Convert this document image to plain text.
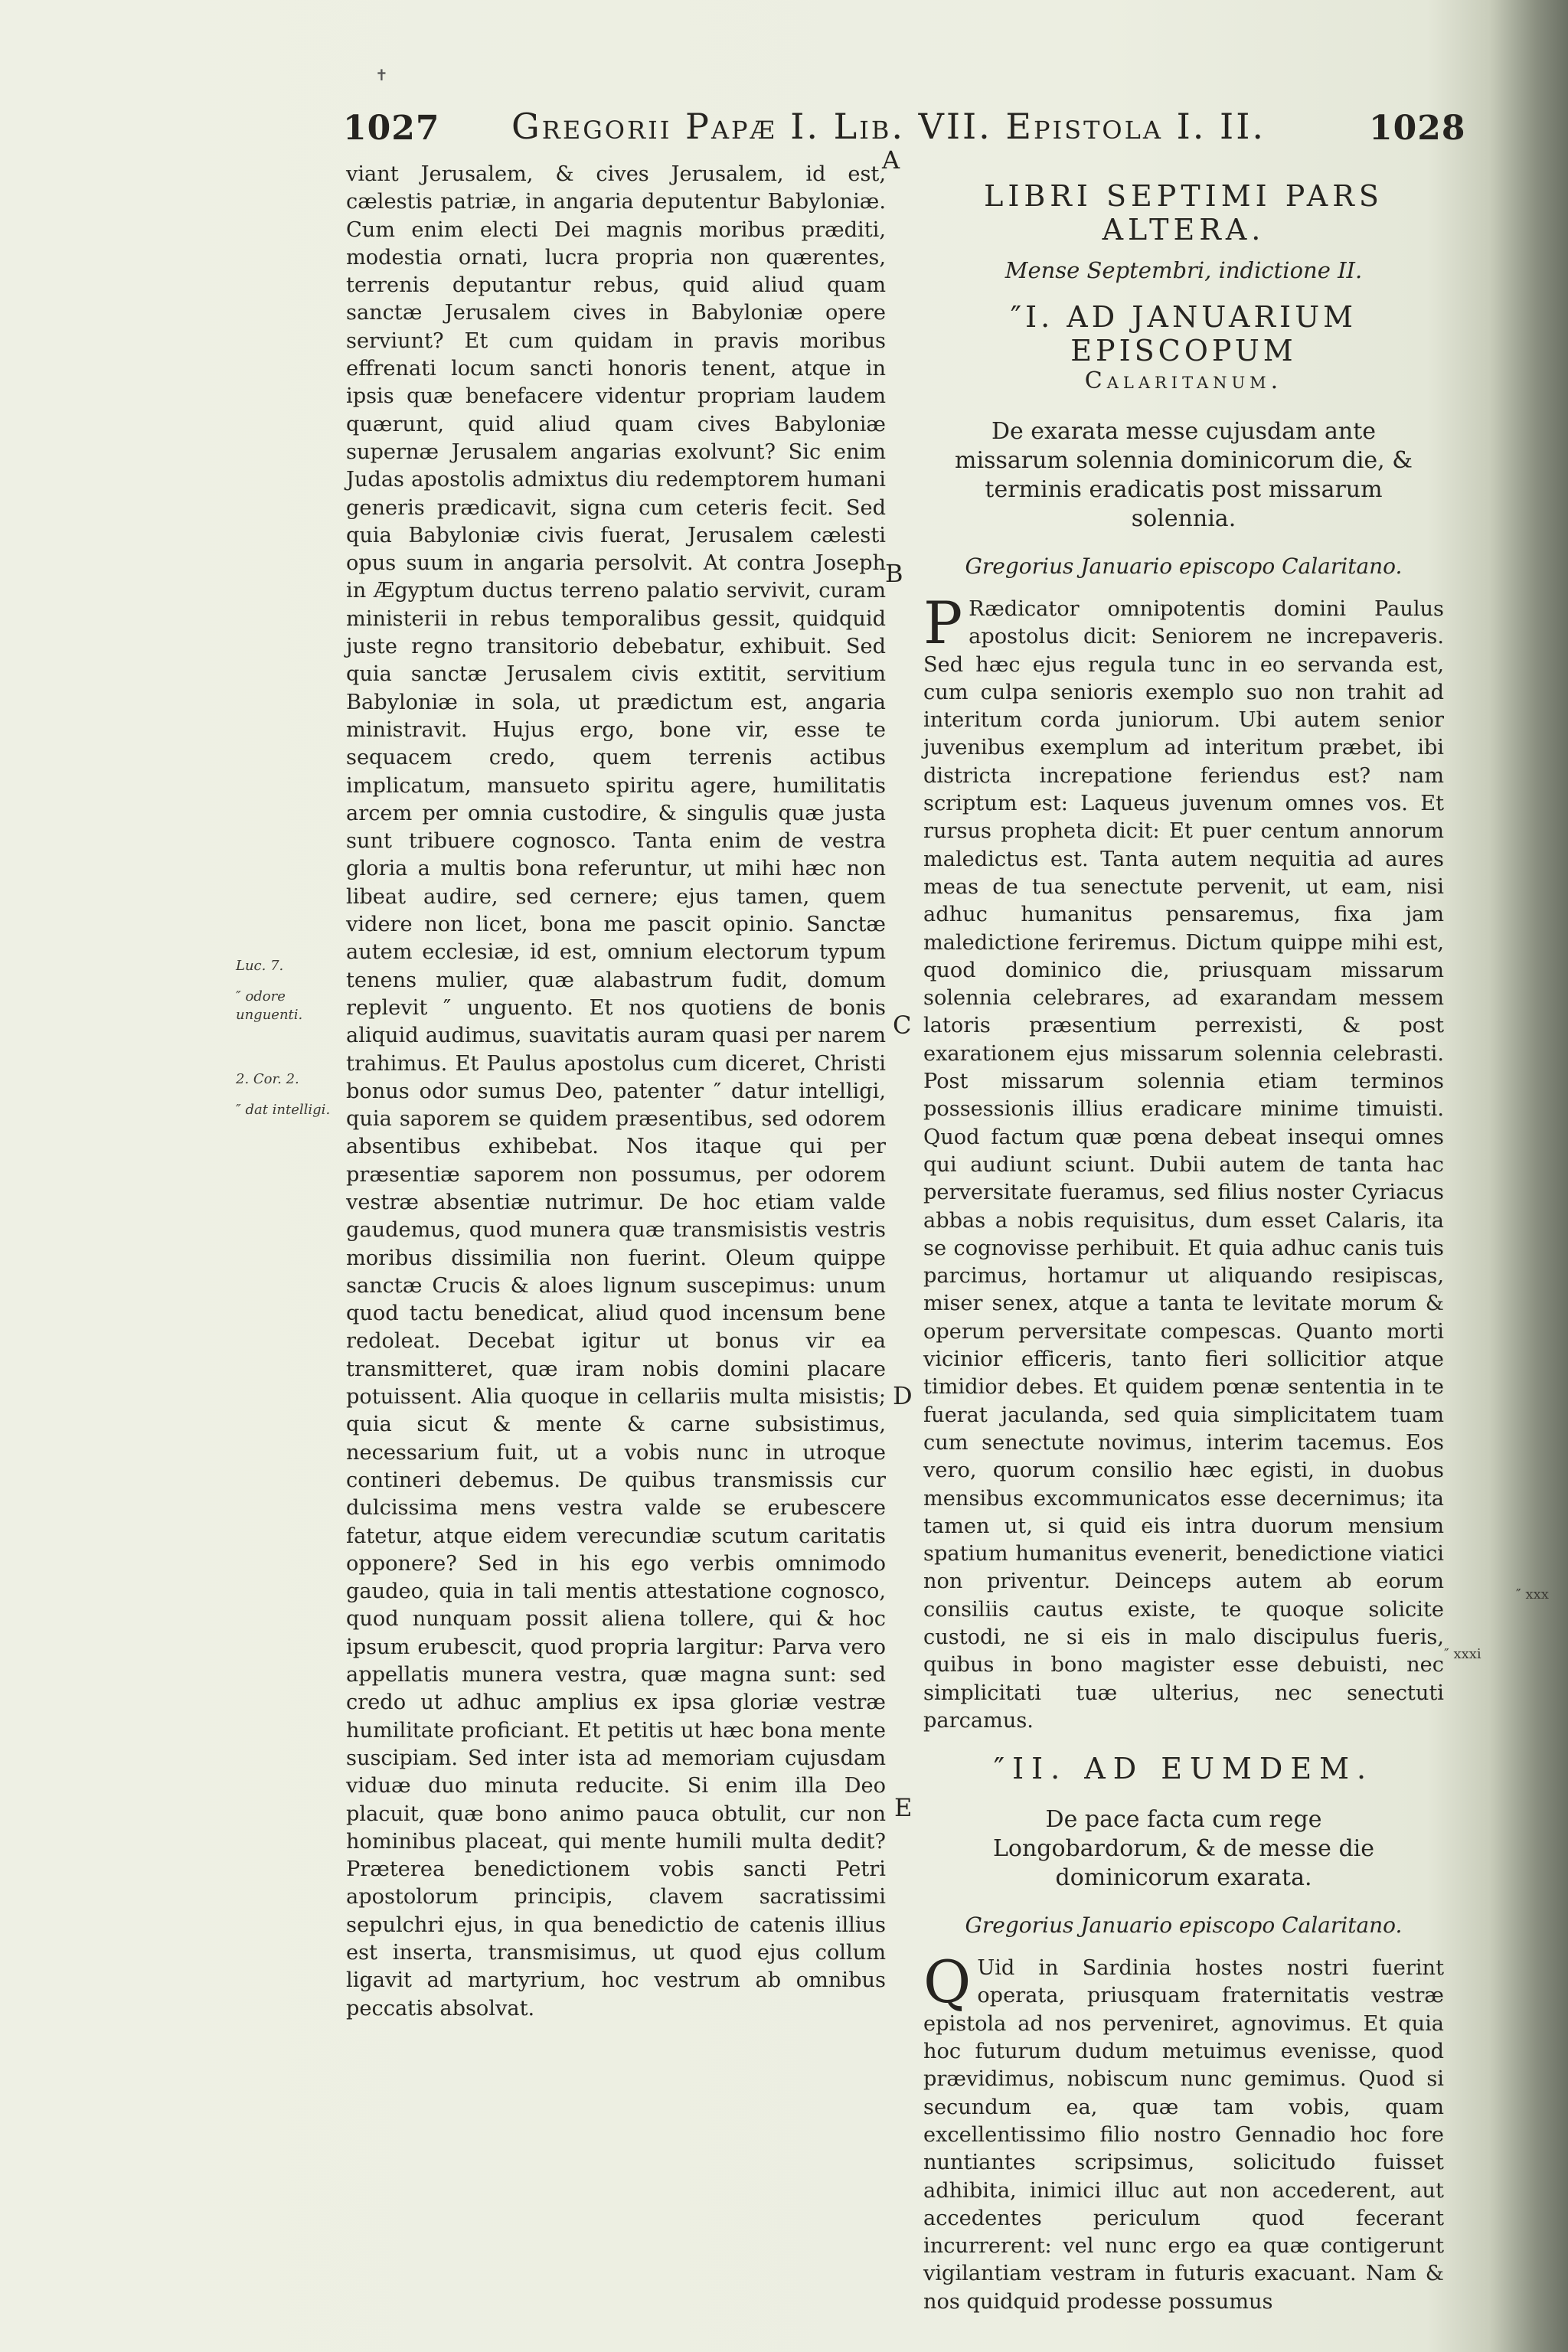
1027 Gregorii Papæ I. Lib. VII. Epistola I. II.	1028
✝
A
B
C
D
E
Luc. 7.
″ odore unguenti.
2. Cor. 2.
″ dat intelligi.
″ xxx
″ xxxi

viant Jerusalem, & cives Jerusalem, id est, cælestis patriæ, in angaria deputentur Babyloniæ. Cum enim electi Dei magnis moribus præditi, modestia ornati, lucra propria non quærentes, terrenis deputantur rebus, quid aliud quam sanctæ Jerusalem cives in Babyloniæ opere serviunt? Et cum quidam in pravis moribus effrenati locum sancti honoris tenent, atque in ipsis quæ benefacere videntur propriam laudem quærunt, quid aliud quam cives Babyloniæ supernæ Jerusalem angarias exolvunt? Sic enim Judas apostolis admixtus diu redemptorem humani generis prædicavit, signa cum ceteris fecit. Sed quia Babyloniæ civis fuerat, Jerusalem cælesti opus suum in angaria persolvit. At contra Joseph in Ægyptum ductus terreno palatio servivit, curam ministerii in rebus temporalibus gessit, quidquid juste regno transitorio debebatur, exhibuit. Sed quia sanctæ Jerusalem civis extitit, servitium Babyloniæ in sola, ut prædictum est, angaria ministravit. Hujus ergo, bone vir, esse te sequacem credo, quem terrenis actibus implicatum, mansueto spiritu agere, humilitatis arcem per omnia custodire, & singulis quæ justa sunt tribuere cognosco. Tanta enim de vestra gloria a multis bona referuntur, ut mihi hæc non libeat audire, sed cernere; ejus tamen, quem videre non licet, bona me pascit opinio. Sanctæ autem ecclesiæ, id est, omnium electorum typum tenens mulier, quæ alabastrum fudit, domum replevit ″ unguento. Et nos quotiens de bonis aliquid audimus, suavitatis auram quasi per narem trahimus. Et Paulus apostolus cum diceret, Christi bonus odor sumus Deo, patenter ″ datur intelligi, quia saporem se quidem præsentibus, sed odorem absentibus exhibebat. Nos itaque qui per præsentiæ saporem non possumus, per odorem vestræ absentiæ nutrimur. De hoc etiam valde gaudemus, quod munera quæ transmisistis vestris moribus dissimilia non fuerint. Oleum quippe sanctæ Crucis & aloes lignum suscepimus: unum quod tactu benedicat, aliud quod incensum bene redoleat. Decebat igitur ut bonus vir ea transmitteret, quæ iram nobis domini placare potuissent. Alia quoque in cellariis multa misistis; quia sicut & mente & carne subsistimus, necessarium fuit, ut a vobis nunc in utroque contineri debemus. De quibus transmissis cur dulcissima mens vestra valde se erubescere fatetur, atque eidem verecundiæ scutum caritatis opponere? Sed in his ego verbis omnimodo gaudeo, quia in tali mentis attestatione cognosco, quod nunquam possit aliena tollere, qui & hoc ipsum erubescit, quod propria largitur: Parva vero appellatis munera vestra, quæ magna sunt: sed credo ut adhuc amplius ex ipsa gloriæ vestræ humilitate proficiant. Et petitis ut hæc bona mente suscipiam. Sed inter ista ad memoriam cujusdam viduæ duo minuta reducite. Si enim illa Deo placuit, quæ bono animo pauca obtulit, cur non hominibus placeat, qui mente humili multa dedit? Præterea benedictionem vobis sancti Petri apostolorum principis, clavem sacratissimi sepulchri ejus, in qua benedictio de catenis illius est inserta, transmisimus, ut quod ejus collum ligavit ad martyrium, hoc vestrum ab omnibus peccatis absolvat.

LIBRI SEPTIMI PARS ALTERA.
Mense Septembri, indictione II.
″I. AD JANUARIUM EPISCOPUM
Calaritanum.
De exarata messe cujusdam ante missarum solennia dominicorum die, & terminis eradicatis post missarum solennia.
Gregorius Januario episcopo Calaritano.

P Rædicator omnipotentis domini Paulus apostolus dicit: Seniorem ne increpaveris. Sed hæc ejus regula tunc in eo servanda est, cum culpa senioris exemplo suo non trahit ad interitum corda juniorum. Ubi autem senior juvenibus exemplum ad interitum præbet, ibi districta increpatione feriendus est? nam scriptum est: Laqueus juvenum omnes vos. Et rursus propheta dicit: Et puer centum annorum maledictus est. Tanta autem nequitia ad aures meas de tua senectute pervenit, ut eam, nisi adhuc humanitus pensaremus, fixa jam maledictione feriremus. Dictum quippe mihi est, quod dominico die, priusquam missarum solennia celebrares, ad exarandam messem latoris præsentium perrexisti, & post exarationem ejus missarum solennia celebrasti. Post missarum solennia etiam terminos possessionis illius eradicare minime timuisti. Quod factum quæ pœna debeat insequi omnes qui audiunt sciunt. Dubii autem de tanta hac perversitate fueramus, sed filius noster Cyriacus abbas a nobis requisitus, dum esset Calaris, ita se cognovisse perhibuit. Et quia adhuc canis tuis parcimus, hortamur ut aliquando resipiscas, miser senex, atque a tanta te levitate morum & operum perversitate compescas. Quanto morti vicinior efficeris, tanto fieri sollicitior atque timidior debes. Et quidem pœnæ sententia in te fuerat jaculanda, sed quia simplicitatem tuam cum senectute novimus, interim tacemus. Eos vero, quorum consilio hæc egisti, in duobus mensibus excommunicatos esse decernimus; ita tamen ut, si quid eis intra duorum mensium spatium humanitus evenerit, benedictione viatici non priventur. Deinceps autem ab eorum consiliis cautus existe, te quoque solicite custodi, ne si eis in malo discipulus fueris, quibus in bono magister esse debuisti, nec simplicitati tuæ ulterius, nec senectuti parcamus.

″II. AD EUMDEM.
De pace facta cum rege Longobardorum, & de messe die dominicorum exarata.
Gregorius Januario episcopo Calaritano.

Q Uid in Sardinia hostes nostri fuerint operata, priusquam fraternitatis vestræ epistola ad nos perveniret, agnovimus. Et quia hoc futurum dudum metuimus evenisse, quod prævidimus, nobiscum nunc gemimus. Quod si secundum ea, quæ tam vobis, quam excellentissimo filio nostro Gennadio hoc fore nuntiantes scripsimus, solicitudo fuisset adhibita, inimici illuc aut non accederent, aut accedentes periculum quod fecerant incurrerent: vel nunc ergo ea quæ contigerunt vigilantiam vestram in futuris exacuant. Nam & nos quidquid prodesse possumus
